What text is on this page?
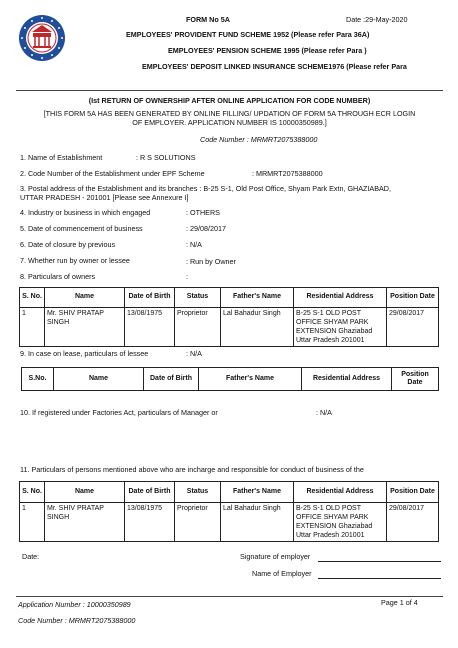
FORM No 5A	Date :29-May-2020
EMPLOYEES' PROVIDENT FUND SCHEME 1952 (Please refer Para 36A)
EMPLOYEES' PENSION SCHEME 1995 (Please refer Para )
EMPLOYEES' DEPOSIT LINKED INSURANCE SCHEME1976 (Please refer Para
(Ist RETURN OF OWNERSHIP AFTER ONLINE APPLICATION FOR CODE NUMBER)
[THIS FORM 5A HAS BEEN GENERATED BY ONLINE FILLING/ UPDATION OF FORM 5A THROUGH ECR LOGIN
OF EMPLOYER. APPLICATION NUMBER IS 10000350989.]
Code Number : MRMRT2075388000
1. Name of Establishment	: R S SOLUTIONS
2. Code Number of the Establishment under EPF Scheme	: MRMRT2075388000
3. Postal address of the Establishment and its branches : B-25 S-1, Old Post Office, Shyam Park Extn, GHAZIABAD,
UTTAR PRADESH - 201001 [Please see Annexure I]
4. Industry or business in which engaged	: OTHERS
5. Date of commencement of business	: 29/08/2017
6. Date of closure by previous	: N/A
7. Whether run by owner or lessee	: Run by Owner
8. Particulars of owners	:
S. No.	Name	Date of Birth	Status	Father's Name	Residential Address	Position Date
1	Mr. SHIV PRATAP SINGH	13/08/1975	Proprietor	Lal Bahadur Singh	B-25 S-1 OLD POST OFFICE SHYAM PARK EXTENSION Ghaziabad Uttar Pradesh 201001	29/08/2017
9. In case on lease, particulars of lessee	: N/A
S.No.	Name	Date of Birth	Father's Name	Residential Address	Position Date
10. If registered under Factories Act, particulars of Manager or	: N/A
11. Particulars of persons mentioned above who are incharge and responsible for conduct of business of the
S. No.	Name	Date of Birth	Status	Father's Name	Residential Address	Position Date
1	Mr. SHIV PRATAP SINGH	13/08/1975	Proprietor	Lal Bahadur Singh	B-25 S-1 OLD POST OFFICE SHYAM PARK EXTENSION Ghaziabad Uttar Pradesh 201001	29/08/2017
Date:	Signature of employer
Name of Employer
Application Number : 10000350989	Page 1 of 4
Code Number : MRMRT2075388000
